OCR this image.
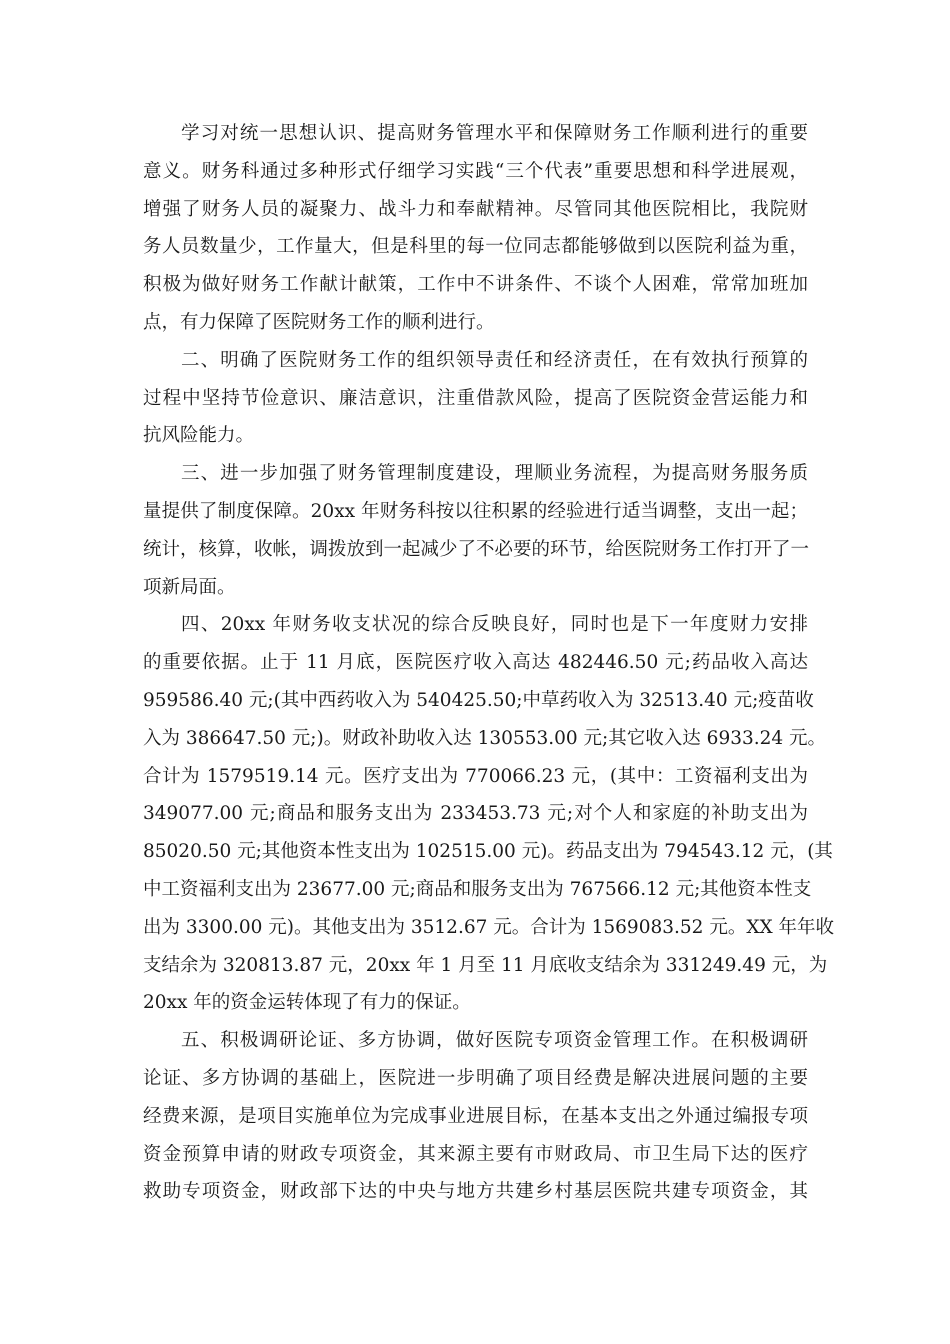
学习对统一思想认识、提高财务管理水平和保障财务工作顺利进行的重要
意义。财务科通过多种形式仔细学习实践“三个代表”重要思想和科学进展观，
增强了财务人员的凝聚力、战斗力和奉献精神。尽管同其他医院相比，我院财
务人员数量少，工作量大，但是科里的每一位同志都能够做到以医院利益为重，
积极为做好财务工作献计献策，工作中不讲条件、不谈个人困难，常常加班加
点，有力保障了医院财务工作的顺利进行。
二、明确了医院财务工作的组织领导责任和经济责任，在有效执行预算的
过程中坚持节俭意识、廉洁意识，注重借款风险，提高了医院资金营运能力和
抗风险能力。
三、进一步加强了财务管理制度建设，理顺业务流程，为提高财务服务质
量提供了制度保障。20xx 年财务科按以往积累的经验进行适当调整，支出一起；
统计，核算，收帐，调拨放到一起减少了不必要的环节，给医院财务工作打开了一
项新局面。
四、20xx 年财务收支状况的综合反映良好，同时也是下一年度财力安排
的重要依据。止于 11 月底，医院医疗收入高达 482446.50 元;药品收入高达
959586.40 元;(其中西药收入为 540425.50;中草药收入为 32513.40 元;疫苗收
入为 386647.50 元;)。财政补助收入达 130553.00 元;其它收入达 6933.24 元。
合计为 1579519.14 元。医疗支出为 770066.23 元，(其中：工资福利支出为
349077.00 元;商品和服务支出为 233453.73 元;对个人和家庭的补助支出为
85020.50 元;其他资本性支出为 102515.00 元)。药品支出为 794543.12 元，(其
中工资福利支出为 23677.00 元;商品和服务支出为 767566.12 元;其他资本性支
出为 3300.00 元)。其他支出为 3512.67 元。合计为 1569083.52 元。XX 年年收
支结余为 320813.87 元，20xx 年 1 月至 11 月底收支结余为 331249.49 元，为
20xx 年的资金运转体现了有力的保证。
五、积极调研论证、多方协调，做好医院专项资金管理工作。在积极调研
论证、多方协调的基础上，医院进一步明确了项目经费是解决进展问题的主要
经费来源，是项目实施单位为完成事业进展目标，在基本支出之外通过编报专项
资金预算申请的财政专项资金，其来源主要有市财政局、市卫生局下达的医疗
救助专项资金，财政部下达的中央与地方共建乡村基层医院共建专项资金，其
